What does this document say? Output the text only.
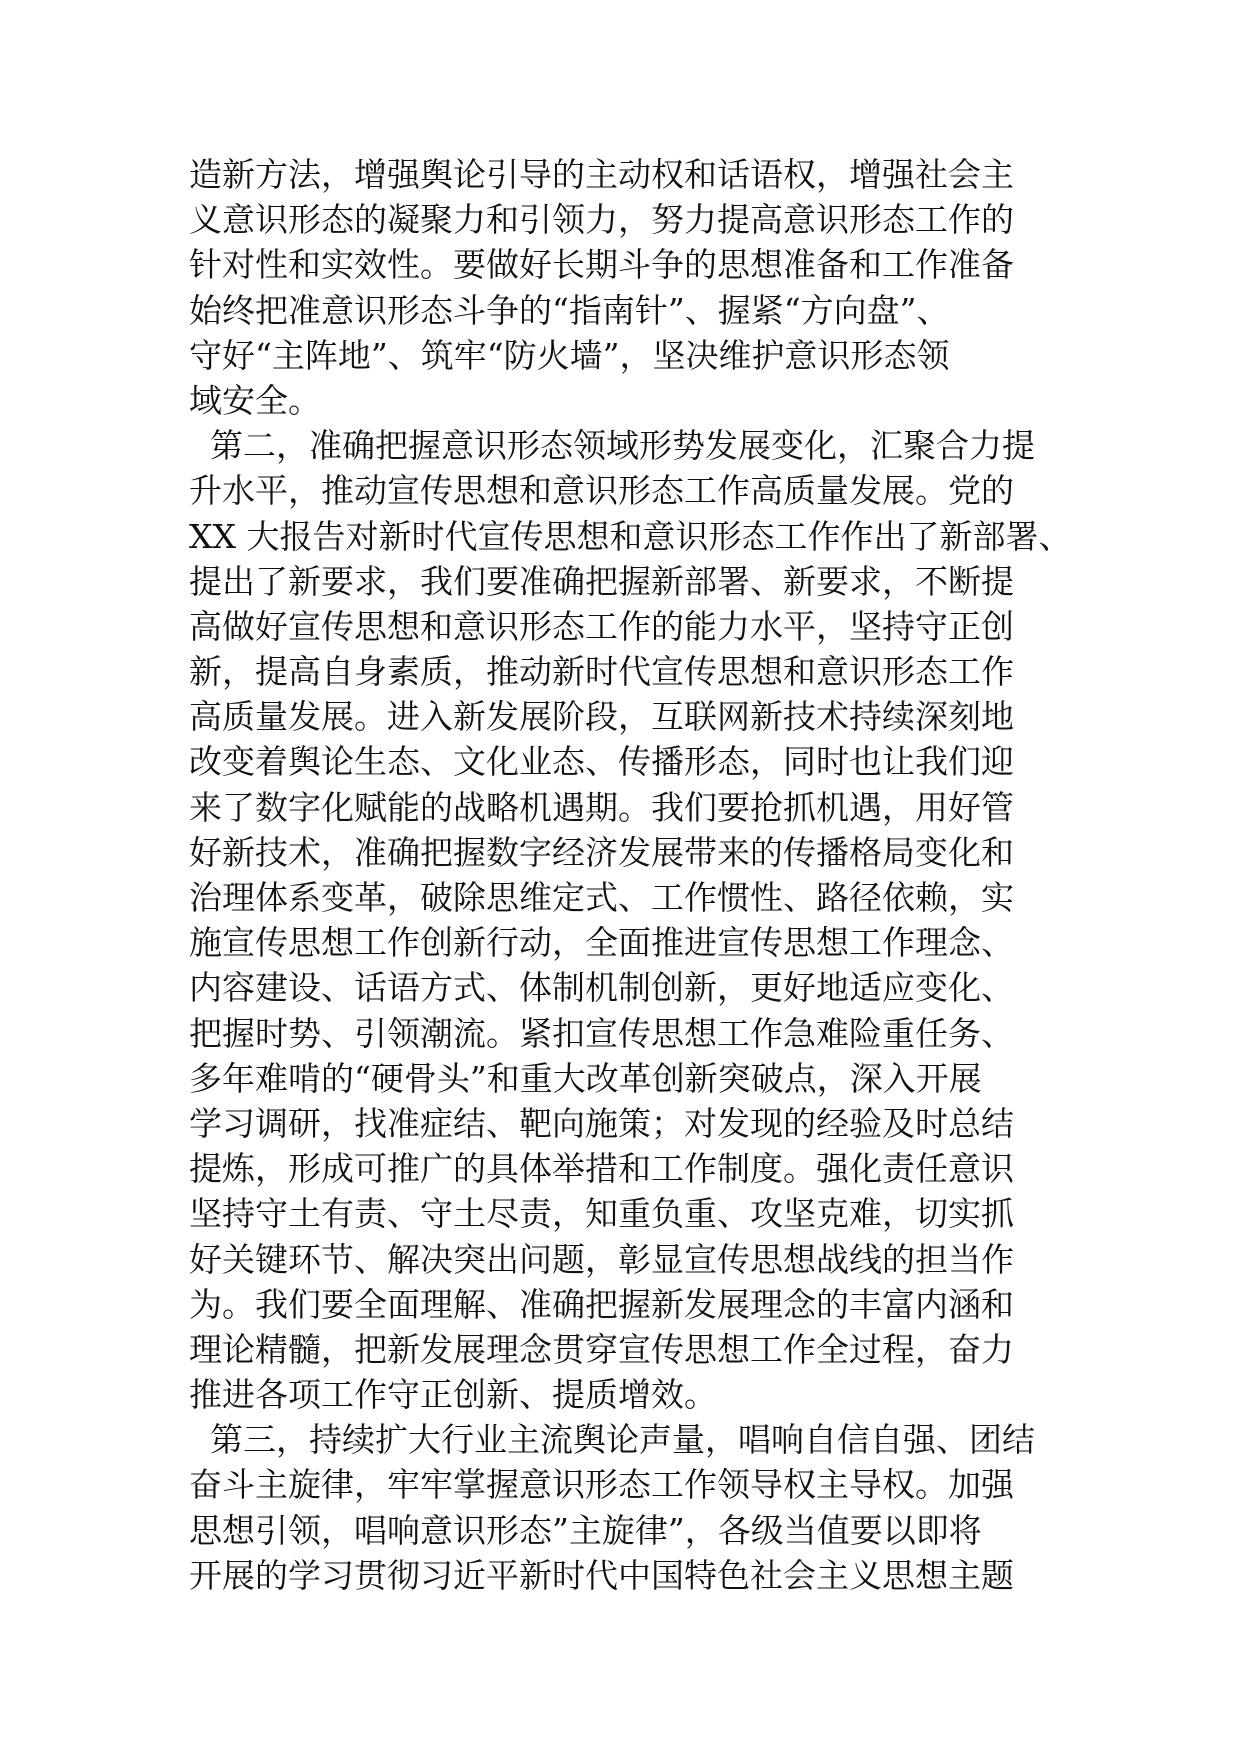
造新方法，增强舆论引导的主动权和话语权，增强社会主
义意识形态的凝聚力和引领力，努力提高意识形态工作的
针对性和实效性。要做好长期斗争的思想准备和工作准备
始终把准意识形态斗争的“指南针”、握紧“方向盘”、
守好“主阵地”、筑牢“防火墙”，坚决维护意识形态领
域安全。
第二，准确把握意识形态领域形势发展变化，汇聚合力提
升水平，推动宣传思想和意识形态工作高质量发展。党的
XX 大报告对新时代宣传思想和意识形态工作作出了新部署、
提出了新要求，我们要准确把握新部署、新要求，不断提
高做好宣传思想和意识形态工作的能力水平，坚持守正创
新，提高自身素质，推动新时代宣传思想和意识形态工作
高质量发展。进入新发展阶段，互联网新技术持续深刻地
改变着舆论生态、文化业态、传播形态，同时也让我们迎
来了数字化赋能的战略机遇期。我们要抢抓机遇，用好管
好新技术，准确把握数字经济发展带来的传播格局变化和
治理体系变革，破除思维定式、工作惯性、路径依赖，实
施宣传思想工作创新行动，全面推进宣传思想工作理念、
内容建设、话语方式、体制机制创新，更好地适应变化、
把握时势、引领潮流。紧扣宣传思想工作急难险重任务、
多年难啃的“硬骨头”和重大改革创新突破点，深入开展
学习调研，找准症结、靶向施策；对发现的经验及时总结
提炼，形成可推广的具体举措和工作制度。强化责任意识
坚持守土有责、守土尽责，知重负重、攻坚克难，切实抓
好关键环节、解决突出问题，彰显宣传思想战线的担当作
为。我们要全面理解、准确把握新发展理念的丰富内涵和
理论精髓，把新发展理念贯穿宣传思想工作全过程，奋力
推进各项工作守正创新、提质增效。
第三，持续扩大行业主流舆论声量，唱响自信自强、团结
奋斗主旋律，牢牢掌握意识形态工作领导权主导权。加强
思想引领，唱响意识形态”主旋律”，各级当值要以即将
开展的学习贯彻习近平新时代中国特色社会主义思想主题
